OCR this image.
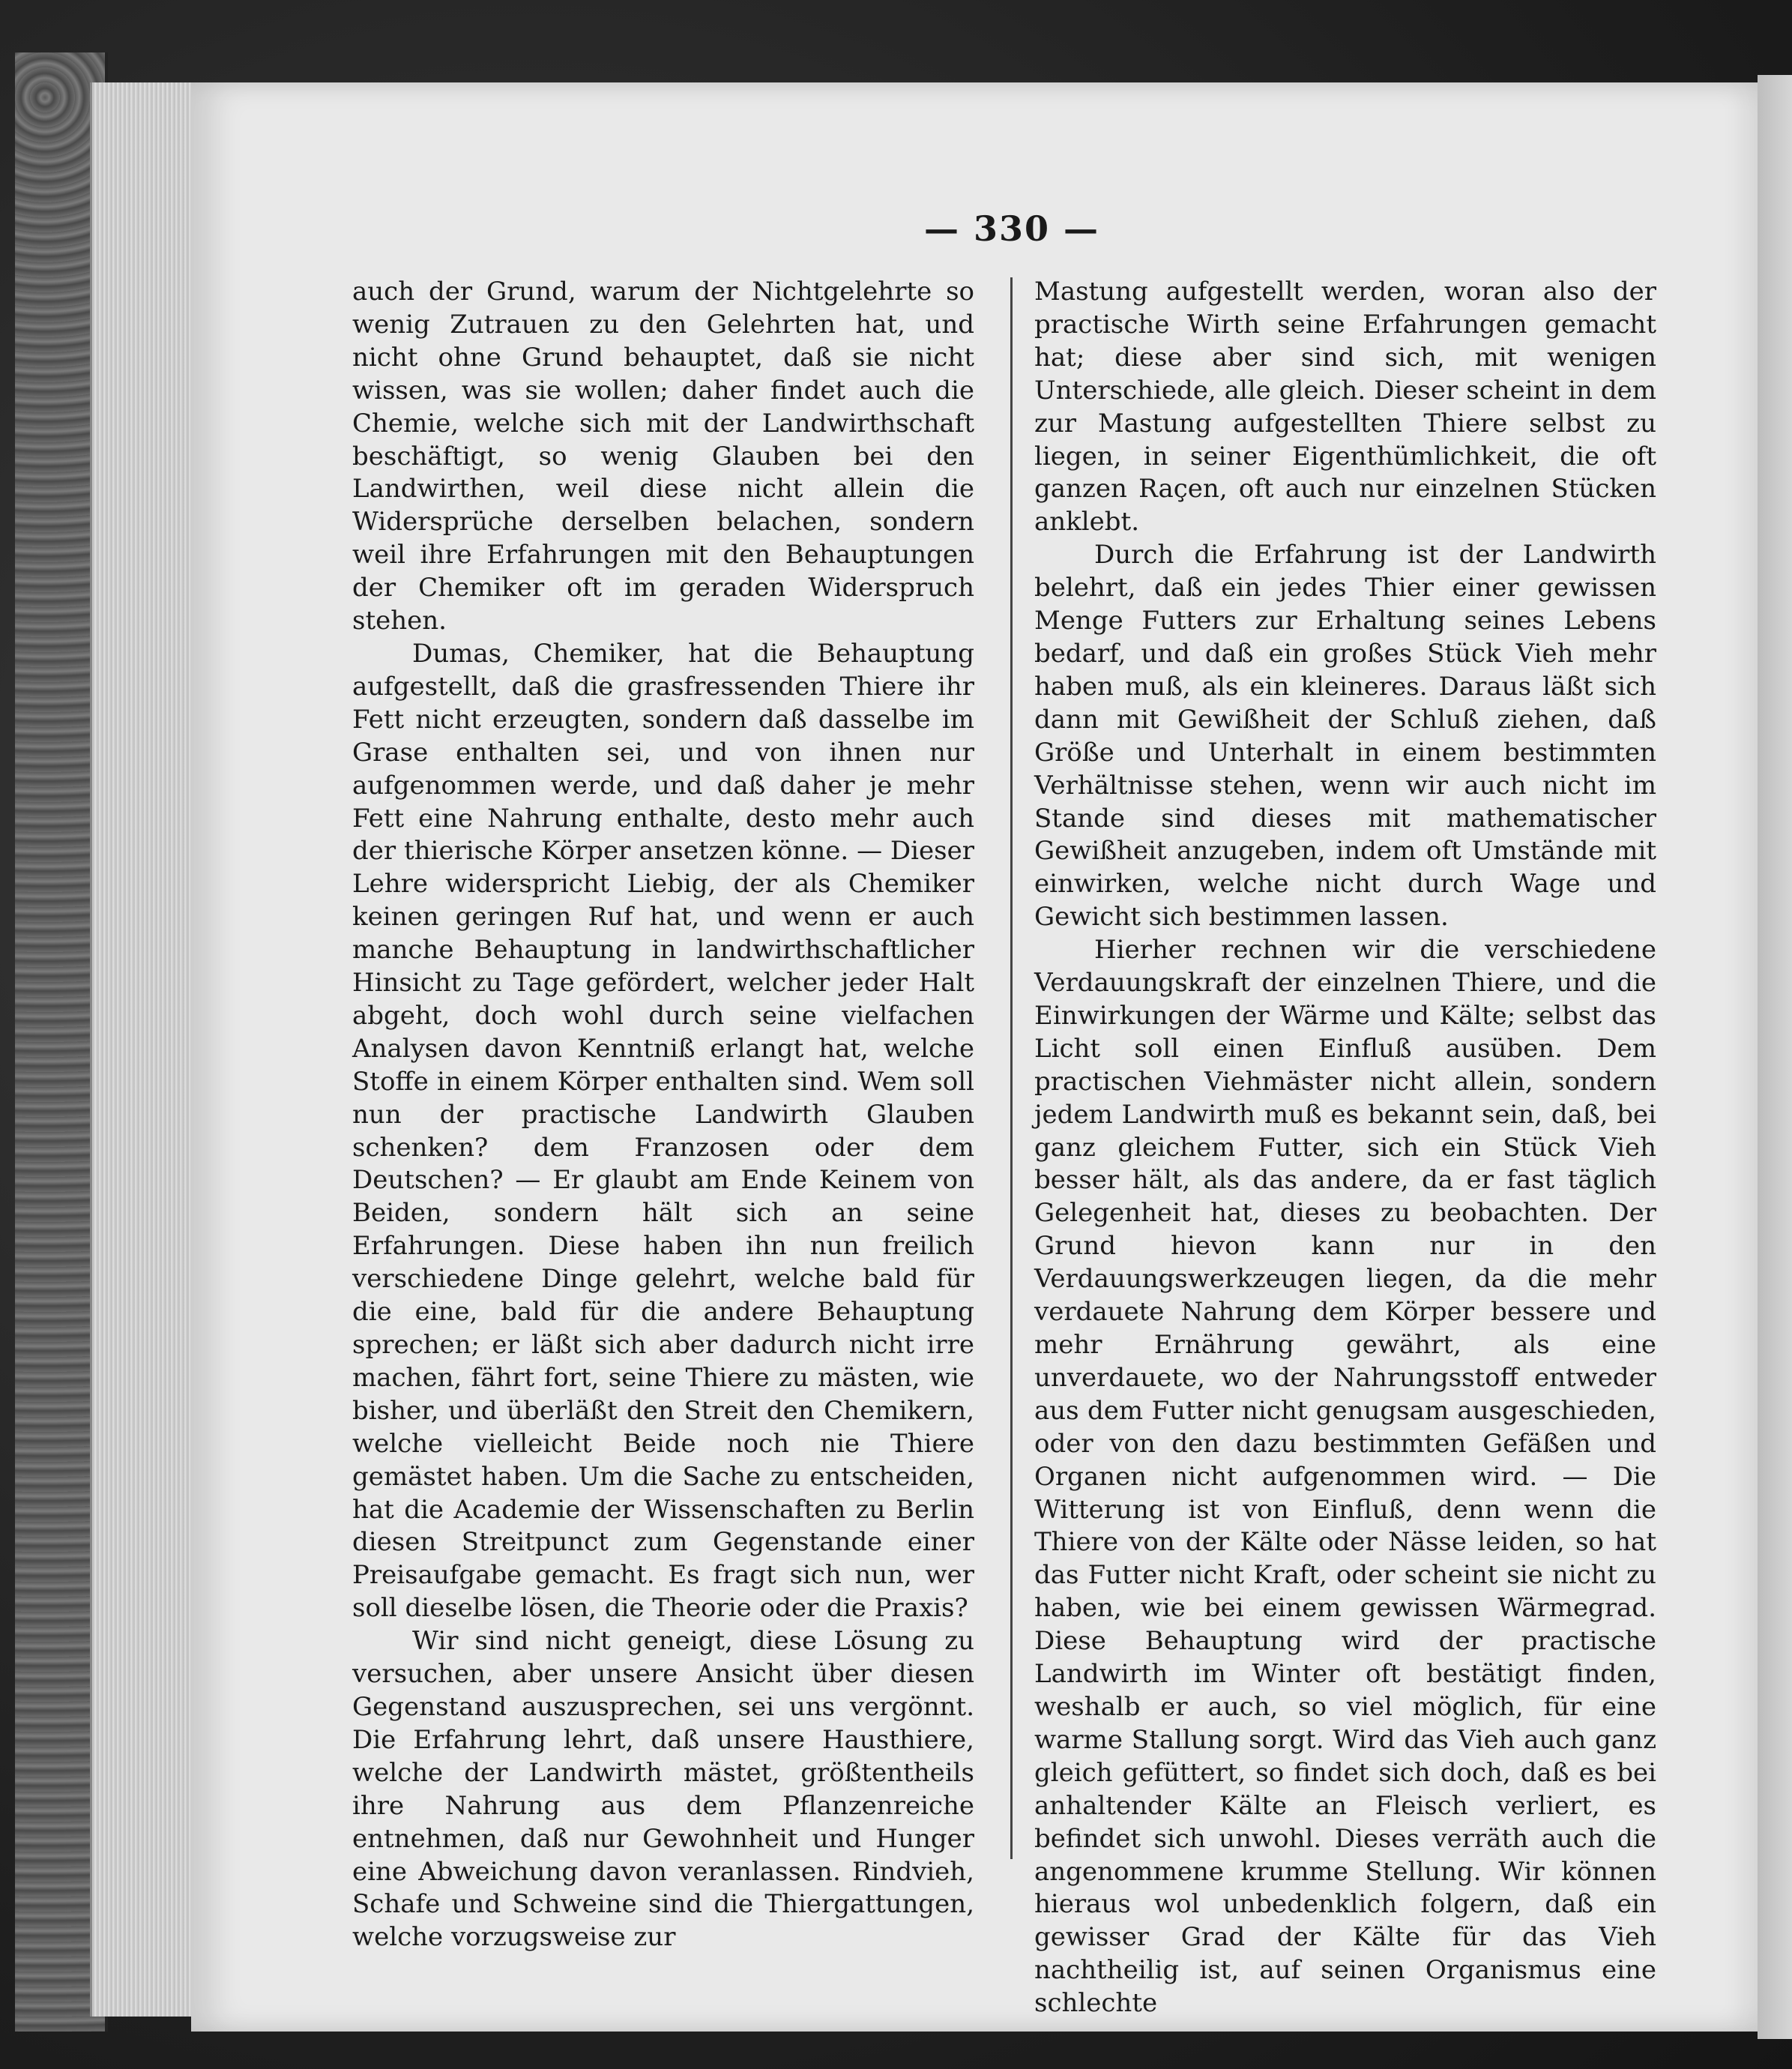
— 330 —

auch der Grund, warum der Nichtgelehrte so wenig Zutrauen zu den Gelehrten hat, und nicht ohne Grund behauptet, daß sie nicht wissen, was sie wollen; daher findet auch die Chemie, welche sich mit der Landwirthschaft beschäftigt, so wenig Glauben bei den Landwirthen, weil diese nicht allein die Widersprüche derselben belachen, sondern weil ihre Erfahrungen mit den Behauptungen der Chemiker oft im geraden Widerspruch stehen.

Dumas, Chemiker, hat die Behauptung aufgestellt, daß die grasfressenden Thiere ihr Fett nicht erzeugten, sondern daß dasselbe im Grase enthalten sei, und von ihnen nur aufgenommen werde, und daß daher je mehr Fett eine Nahrung enthalte, desto mehr auch der thierische Körper ansetzen könne. — Dieser Lehre widerspricht Liebig, der als Chemiker keinen geringen Ruf hat, und wenn er auch manche Behauptung in landwirthschaftlicher Hinsicht zu Tage gefördert, welcher jeder Halt abgeht, doch wohl durch seine vielfachen Analysen davon Kenntniß erlangt hat, welche Stoffe in einem Körper enthalten sind. Wem soll nun der practische Landwirth Glauben schenken? dem Franzosen oder dem Deutschen? — Er glaubt am Ende Keinem von Beiden, sondern hält sich an seine Erfahrungen. Diese haben ihn nun freilich verschiedene Dinge gelehrt, welche bald für die eine, bald für die andere Behauptung sprechen; er läßt sich aber dadurch nicht irre machen, fährt fort, seine Thiere zu mästen, wie bisher, und überläßt den Streit den Chemikern, welche vielleicht Beide noch nie Thiere gemästet haben. Um die Sache zu entscheiden, hat die Academie der Wissenschaften zu Berlin diesen Streitpunct zum Gegenstande einer Preisaufgabe gemacht. Es fragt sich nun, wer soll dieselbe lösen, die Theorie oder die Praxis?

Wir sind nicht geneigt, diese Lösung zu versuchen, aber unsere Ansicht über diesen Gegenstand auszusprechen, sei uns vergönnt. Die Erfahrung lehrt, daß unsere Hausthiere, welche der Landwirth mästet, größtentheils ihre Nahrung aus dem Pflanzenreiche entnehmen, daß nur Gewohnheit und Hunger eine Abweichung davon veranlassen. Rindvieh, Schafe und Schweine sind die Thiergattungen, welche vorzugsweise zur

Mastung aufgestellt werden, woran also der practische Wirth seine Erfahrungen gemacht hat; diese aber sind sich, mit wenigen Unterschiede, alle gleich. Dieser scheint in dem zur Mastung aufgestellten Thiere selbst zu liegen, in seiner Eigenthümlichkeit, die oft ganzen Raçen, oft auch nur einzelnen Stücken anklebt.

Durch die Erfahrung ist der Landwirth belehrt, daß ein jedes Thier einer gewissen Menge Futters zur Erhaltung seines Lebens bedarf, und daß ein großes Stück Vieh mehr haben muß, als ein kleineres. Daraus läßt sich dann mit Gewißheit der Schluß ziehen, daß Größe und Unterhalt in einem bestimmten Verhältnisse stehen, wenn wir auch nicht im Stande sind dieses mit mathematischer Gewißheit anzugeben, indem oft Umstände mit einwirken, welche nicht durch Wage und Gewicht sich bestimmen lassen.

Hierher rechnen wir die verschiedene Verdauungskraft der einzelnen Thiere, und die Einwirkungen der Wärme und Kälte; selbst das Licht soll einen Einfluß ausüben. Dem practischen Viehmäster nicht allein, sondern jedem Landwirth muß es bekannt sein, daß, bei ganz gleichem Futter, sich ein Stück Vieh besser hält, als das andere, da er fast täglich Gelegenheit hat, dieses zu beobachten. Der Grund hievon kann nur in den Verdauungswerkzeugen liegen, da die mehr verdauete Nahrung dem Körper bessere und mehr Ernährung gewährt, als eine unverdauete, wo der Nahrungsstoff entweder aus dem Futter nicht genugsam ausgeschieden, oder von den dazu bestimmten Gefäßen und Organen nicht aufgenommen wird. — Die Witterung ist von Einfluß, denn wenn die Thiere von der Kälte oder Nässe leiden, so hat das Futter nicht Kraft, oder scheint sie nicht zu haben, wie bei einem gewissen Wärmegrad. Diese Behauptung wird der practische Landwirth im Winter oft bestätigt finden, weshalb er auch, so viel möglich, für eine warme Stallung sorgt. Wird das Vieh auch ganz gleich gefüttert, so findet sich doch, daß es bei anhaltender Kälte an Fleisch verliert, es befindet sich unwohl. Dieses verräth auch die angenommene krumme Stellung. Wir können hieraus wol unbedenklich folgern, daß ein gewisser Grad der Kälte für das Vieh nachtheilig ist, auf seinen Organismus eine schlechte
